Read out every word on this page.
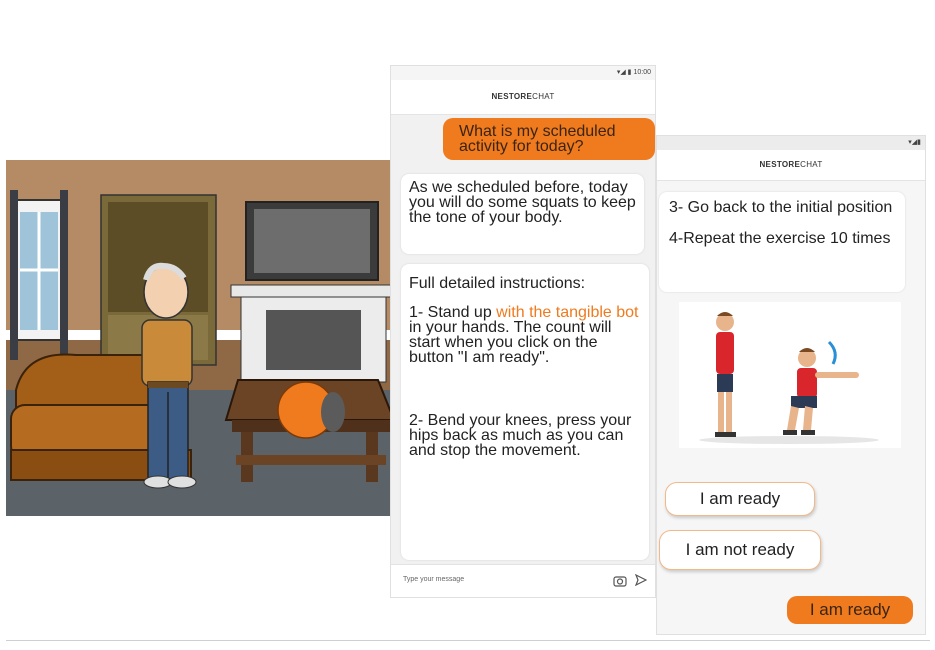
▾◢ ▮ 10:00
NESTORECHAT
What is my scheduled activity for today?
As we scheduled before, today you will do some squats to keep the tone of your body.
Full detailed instructions:
1- Stand up with the tangible bot in your hands. The count will start when you click on the button "I am ready".
2- Bend your knees, press your hips back as much as you can and stop the movement.
Type your message
▾◢▮
NESTORECHAT
3- Go back to the initial position
4-Repeat the exercise 10 times
I am ready
I am not ready
I am ready
